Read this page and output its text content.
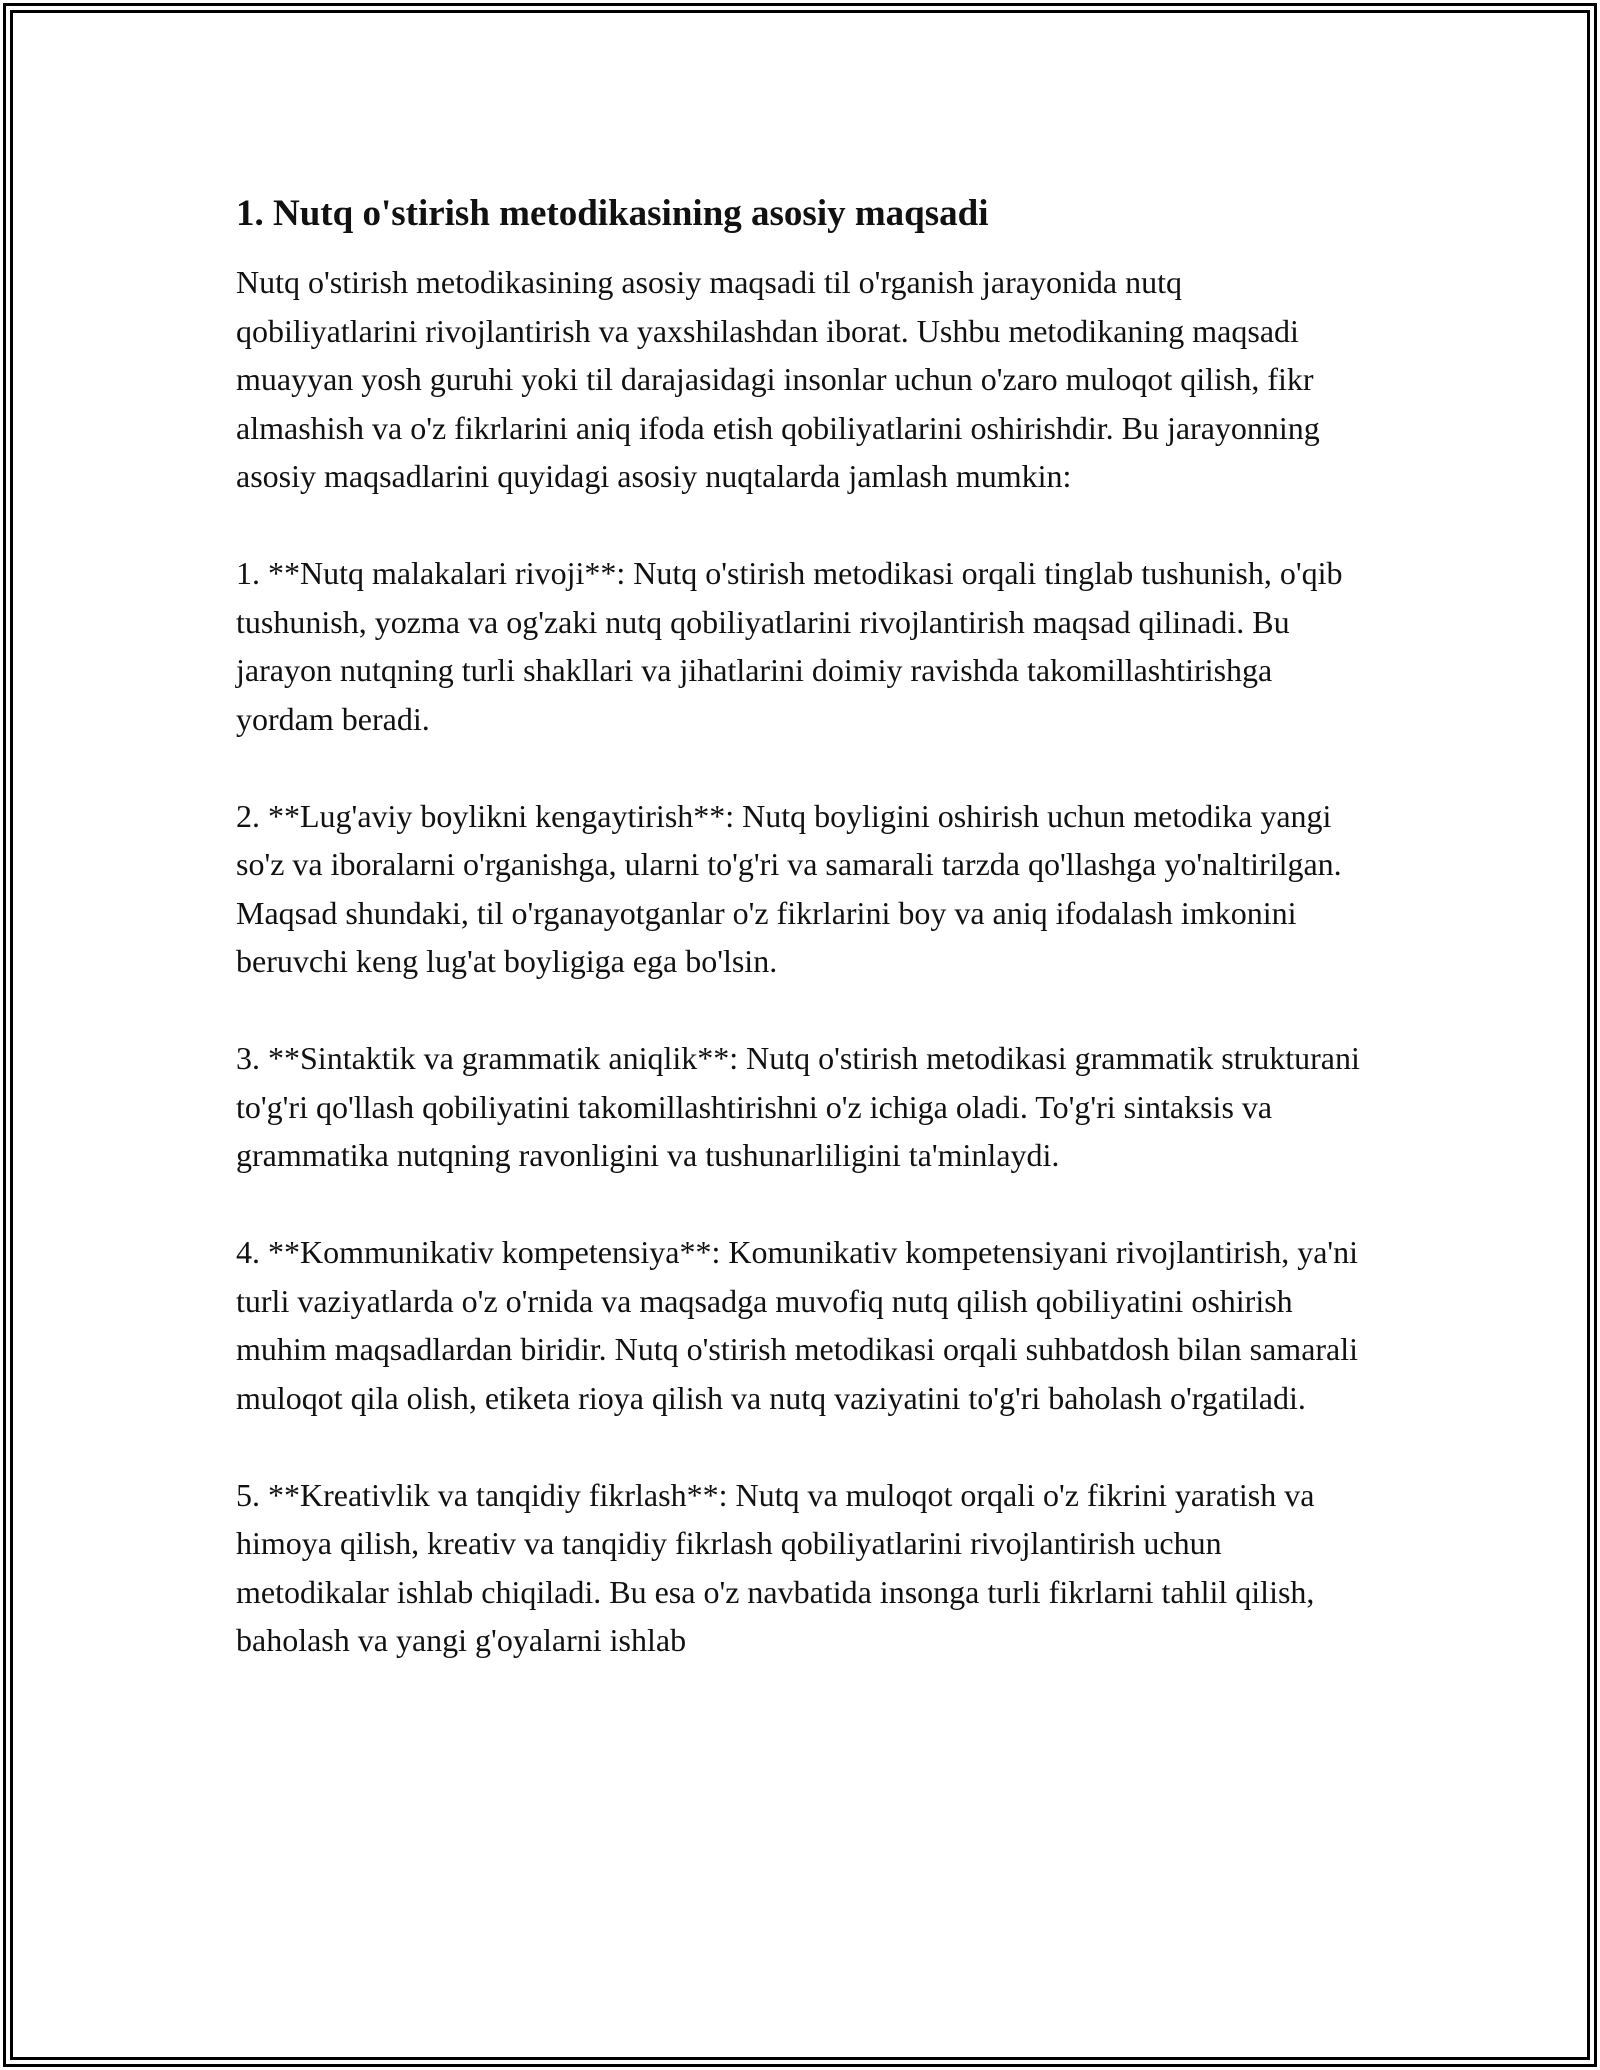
1. Nutq o'stirish metodikasining asosiy maqsadi

Nutq o'stirish metodikasining asosiy maqsadi til o'rganish jarayonida nutq qobiliyatlarini rivojlantirish va yaxshilashdan iborat. Ushbu metodikaning maqsadi muayyan yosh guruhi yoki til darajasidagi insonlar uchun o'zaro muloqot qilish, fikr almashish va o'z fikrlarini aniq ifoda etish qobiliyatlarini oshirishdir. Bu jarayonning asosiy maqsadlarini quyidagi asosiy nuqtalarda jamlash mumkin:

1. **Nutq malakalari rivoji**: Nutq o'stirish metodikasi orqali tinglab tushunish, o'qib tushunish, yozma va og'zaki nutq qobiliyatlarini rivojlantirish maqsad qilinadi. Bu jarayon nutqning turli shakllari va jihatlarini doimiy ravishda takomillashtirishga yordam beradi.

2. **Lug'aviy boylikni kengaytirish**: Nutq boyligini oshirish uchun metodika yangi so'z va iboralarni o'rganishga, ularni to'g'ri va samarali tarzda qo'llashga yo'naltirilgan. Maqsad shundaki, til o'rganayotganlar o'z fikrlarini boy va aniq ifodalash imkonini beruvchi keng lug'at boyligiga ega bo'lsin.

3. **Sintaktik va grammatik aniqlik**: Nutq o'stirish metodikasi grammatik strukturani to'g'ri qo'llash qobiliyatini takomillashtirishni o'z ichiga oladi. To'g'ri sintaksis va grammatika nutqning ravonligini va tushunarliligini ta'minlaydi.

4. **Kommunikativ kompetensiya**: Komunikativ kompetensiyani rivojlantirish, ya'ni turli vaziyatlarda o'z o'rnida va maqsadga muvofiq nutq qilish qobiliyatini oshirish muhim maqsadlardan biridir. Nutq o'stirish metodikasi orqali suhbatdosh bilan samarali muloqot qila olish, etiketa rioya qilish va nutq vaziyatini to'g'ri baholash o'rgatiladi.

5. **Kreativlik va tanqidiy fikrlash**: Nutq va muloqot orqali o'z fikrini yaratish va himoya qilish, kreativ va tanqidiy fikrlash qobiliyatlarini rivojlantirish uchun metodikalar ishlab chiqiladi. Bu esa o'z navbatida insonga turli fikrlarni tahlil qilish, baholash va yangi g'oyalarni ishlab
